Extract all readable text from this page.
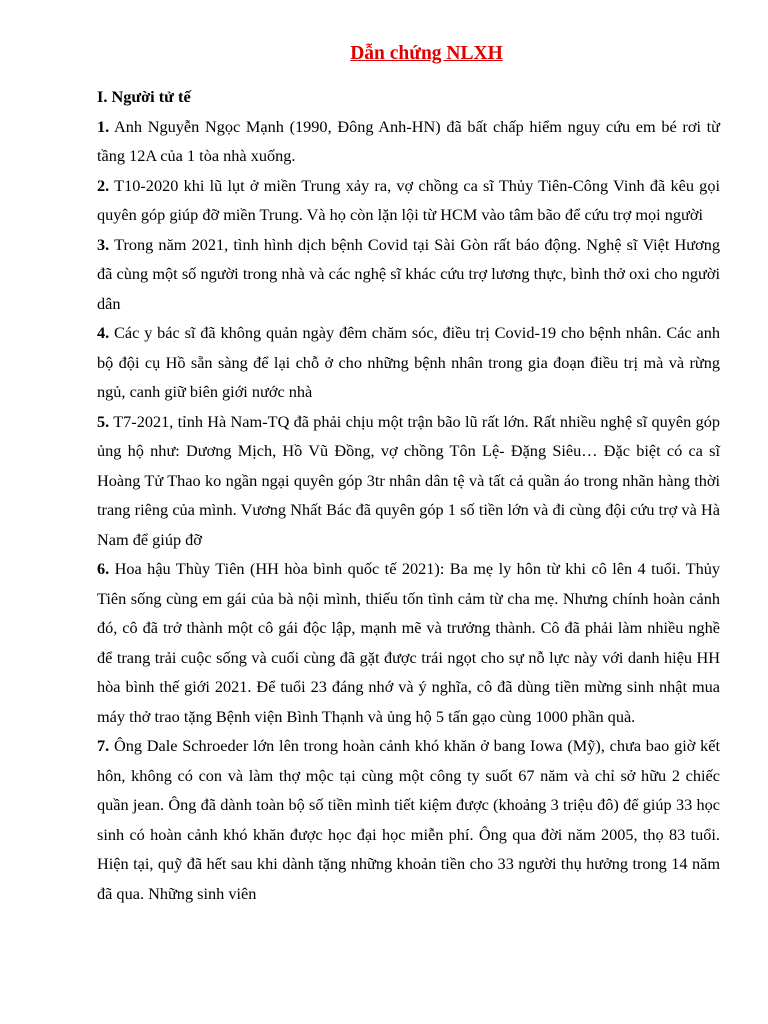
Dẫn chứng NLXH

I. Người tử tế

1. Anh Nguyễn Ngọc Mạnh (1990, Đông Anh-HN) đã bất chấp hiểm nguy cứu em bé rơi từ tầng 12A của 1 tòa nhà xuống.

2. T10-2020 khi lũ lụt ở miền Trung xảy ra, vợ chồng ca sĩ Thủy Tiên-Công Vinh đã kêu gọi quyên góp giúp đỡ miền Trung. Và họ còn lặn lội từ HCM vào tâm bão để cứu trợ mọi người

3. Trong năm 2021, tình hình dịch bệnh Covid tại Sài Gòn rất báo động. Nghệ sĩ Việt Hương đã cùng một số người trong nhà và các nghệ sĩ khác cứu trợ lương thực, bình thở oxi cho người dân

4. Các y bác sĩ đã không quản ngày đêm chăm sóc, điều trị Covid-19 cho bệnh nhân. Các anh bộ đội cụ Hồ sẵn sàng để lại chỗ ở cho những bệnh nhân trong gia đoạn điều trị mà và rừng ngủ, canh giữ biên giới nước nhà

5. T7-2021, tỉnh Hà Nam-TQ đã phải chịu một trận bão lũ rất lớn. Rất nhiều nghệ sĩ quyên góp ủng hộ như: Dương Mịch, Hồ Vũ Đồng, vợ chồng Tôn Lệ- Đặng Siêu… Đặc biệt có ca sĩ Hoàng Tử Thao ko ngần ngại quyên góp 3tr nhân dân tệ và tất cả quần áo trong nhãn hàng thời trang riêng của mình. Vương Nhất Bác đã quyên góp 1 số tiền lớn và đi cùng đội cứu trợ và Hà Nam để giúp đỡ

6. Hoa hậu Thùy Tiên (HH hòa bình quốc tế 2021): Ba mẹ ly hôn từ khi cô lên 4 tuổi. Thủy Tiên sống cùng em gái của bà nội mình, thiếu tốn tình cảm từ cha mẹ. Nhưng chính hoàn cảnh đó, cô đã trở thành một cô gái độc lập, mạnh mẽ và trưởng thành. Cô đã phải làm nhiều nghề để trang trải cuộc sống và cuối cùng đã gặt được trái ngọt cho sự nỗ lực này với danh hiệu HH hòa bình thế giới 2021. Để tuổi 23 đáng nhớ và ý nghĩa, cô đã dùng tiền mừng sinh nhật mua máy thở trao tặng Bệnh viện Bình Thạnh và ủng hộ 5 tấn gạo cùng 1000 phần quà.

7. Ông Dale Schroeder lớn lên trong hoàn cảnh khó khăn ở bang Iowa (Mỹ), chưa bao giờ kết hôn, không có con và làm thợ mộc tại cùng một công ty suốt 67 năm và chỉ sở hữu 2 chiếc quần jean. Ông đã dành toàn bộ số tiền mình tiết kiệm được (khoảng 3 triệu đô) để giúp 33 học sinh có hoàn cảnh khó khăn được học đại học miễn phí. Ông qua đời năm 2005, thọ 83 tuổi. Hiện tại, quỹ đã hết sau khi dành tặng những khoản tiền cho 33 người thụ hưởng trong 14 năm đã qua. Những sinh viên
